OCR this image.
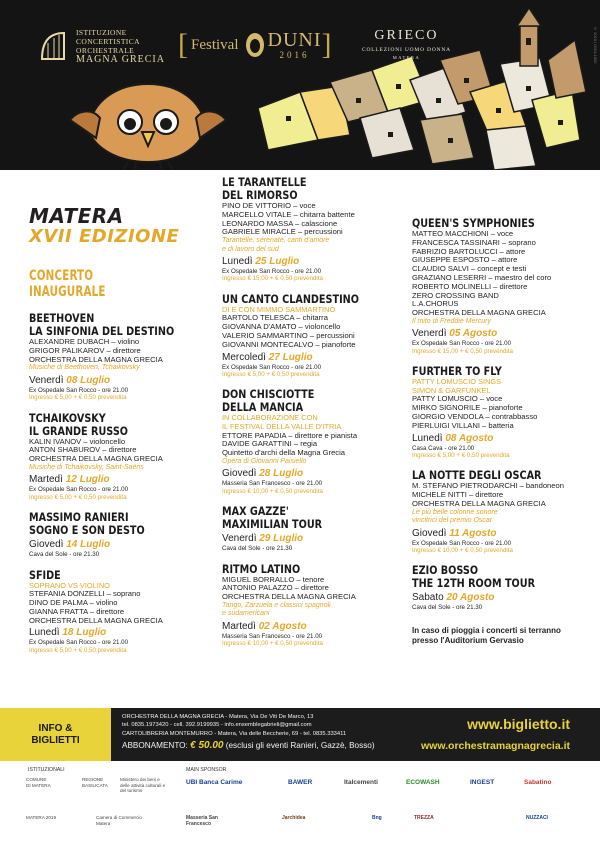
ISTITUZIONE
CONCERTISTICA
ORCHESTRALE
MAGNA GRECIA [ Festival DUNI
2016 ]	GRIECO
COLLEZIONI UOMO DONNA
MATERA	© 2016 | 0004-1600
MATERA
XVII EDIZIONE
CONCERTO
INAUGURALE
BEETHOVEN
LA SINFONIA DEL DESTINO
ALEXANDRE DUBACH – violino
GRIGOR PALIKAROV – direttore
ORCHESTRA DELLA MAGNA GRECIA
Musiche di Beethoven, Tchaikovsky
Venerdì 08 Luglio
Ex Ospedale San Rocco - ore 21.00
Ingresso € 5,00 + € 0,50 prevendita
TCHAIKOVSKY
IL GRANDE RUSSO
KALIN IVANOV – violoncello
ANTON SHABUROV – direttore
ORCHESTRA DELLA MAGNA GRECIA
Musiche di Tchaikovsky, Saint-Saëns
Martedì 12 Luglio
Ex Ospedale San Rocco - ore 21.00
Ingresso € 5,00 + € 0,50 prevendita
MASSIMO RANIERI
SOGNO E SON DESTO
Giovedì 14 Luglio
Cava del Sole - ore 21.30
SFIDE
SOPRANO VS VIOLINO
STEFANIA DONZELLI – soprano
DINO DE PALMA – violino
GIANNA FRATTA – direttore
ORCHESTRA DELLA MAGNA GRECIA
Lunedì 18 Luglio
Ex Ospedale San Rocco - ore 21.00
Ingresso € 5,00 + € 0,50 prevendita
LE TARANTELLE
DEL RIMORSO
PINO DE VITTORIO – voce
MARCELLO VITALE – chitarra battente
LEONARDO MASSA – calascione
GABRIELE MIRACLE – percussioni
Tarantelle, serenate, canti d'amore
e di lavoro del sud
Lunedì 25 Luglio
Ex Ospedale San Rocco - ore 21.00
Ingresso € 15,00 + € 0,50 prevendita
UN CANTO CLANDESTINO
DI E CON MIMMO SAMMARTINO
BARTOLO TELESCA – chitarra
GIOVANNA D'AMATO – violoncello
VALERIO SAMMARTINO – percussioni
GIOVANNI MONTECALVO – pianoforte
Mercoledì 27 Luglio
Ex Ospedale San Rocco - ore 21.00
Ingresso € 5,00 + € 0,50 prevendita
DON CHISCIOTTE
DELLA MANCIA
IN COLLABORAZIONE CON
IL FESTIVAL DELLA VALLE D'ITRIA
ETTORE PAPADIA – direttore e pianista
DAVIDE GARATTINI – regia
Quintetto d'archi della Magna Grecia
Opera di Giovanni Paisiello
Giovedì 28 Luglio
Masseria San Francesco - ore 21.00
Ingresso € 10,00 + € 0,50 prevendita
MAX GAZZE'
MAXIMILIAN TOUR
Venerdì 29 Luglio
Cava del Sole - ore 21.30
RITMO LATINO
MIGUEL BORRALLO – tenore
ANTONIO PALAZZO – direttore
ORCHESTRA DELLA MAGNA GRECIA
Tango, Zarzuela e classici spagnoli
e sudamericani
Martedì 02 Agosto
Masseria San Francesco - ore 21.00
Ingresso € 10,00 + € 0,50 prevendita
QUEEN'S SYMPHONIES
MATTEO MACCHIONI – voce
FRANCESCA TASSINARI – soprano
FABRIZIO BARTOLUCCI – attore
GIUSEPPE ESPOSTO – attore
CLAUDIO SALVI – concept e testi
GRAZIANO LESERRI – maestro del coro
ROBERTO MOLINELLI – direttore
ZERO CROSSING BAND
L.A.CHORUS
ORCHESTRA DELLA MAGNA GRECIA
Il mito di Freddie Mercury
Venerdì 05 Agosto
Ex Ospedale San Rocco - ore 21.00
Ingresso € 15,00 + € 0,50 prevendita
FURTHER TO FLY
PATTY LOMUSCIO SINGS
SIMON & GARFUNKEL
PATTY LOMUSCIO – voce
MIRKO SIGNORILE – pianoforte
GIORGIO VENDOLA – contrabbasso
PIERLUIGI VILLANI – batteria
Lunedì 08 Agosto
Casa Cava - ore 21.00
Ingresso € 5,00 + € 0,50 prevendita
LA NOTTE DEGLI OSCAR
M. STEFANO PIETRODARCHI – bandoneon
MICHELE NITTI – direttore
ORCHESTRA DELLA MAGNA GRECIA
Le più belle colonne sonore
vincitrici del premio Oscar
Giovedì 11 Agosto
Ex Ospedale San Rocco - ore 21.00
Ingresso € 10,00 + € 0,50 prevendita
EZIO BOSSO
THE 12TH ROOM TOUR
Sabato 20 Agosto
Cava del Sole - ore 21.30
In caso di pioggia i concerti si terranno
presso l'Auditorium Gervasio
INFO &
BIGLIETTI
ORCHESTRA DELLA MAGNA GRECIA - Matera, Via De Viti De Marco, 13
tel. 0835.1973420 - cell. 392.9199935 - info.ensemblegabrieli@gmail.com
CARTOLIBRERIA MONTEMURRO - Matera, Via delle Beccherie, 69 - tel. 0835.333411
ABBONAMENTO: € 50.00 (esclusi gli eventi Ranieri, Gazzè, Bosso)
www.biglietto.it
www.orchestramagnagrecia.it
ISTITUZIONALI	MAIN SPONSOR
COMUNE DI MATERA
REGIONE BASILICATA
Ministero dei beni e delle attività culturali e del turismo
MATERA 2019	Camera di Commercio Matera
UBI Banca Carime	BAWER	Italcementi	ECOWASH	INGEST	Sabatino
Masseria San Francesco
Jarchidea	Bng	TREZZA	NUZZACI
